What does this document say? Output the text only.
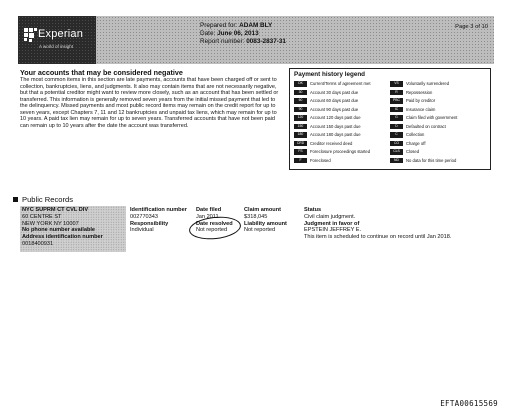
Experian
A world of insight
Prepared for: ADAM BLY
Date: June 06, 2013
Report number: 0083-2837-31
Page 3 of 10
Your accounts that may be considered negative
The most common items in this section are late payments, accounts that have been charged off or sent to collection, bankruptcies, liens, and judgments. It also may contain items that are not necessarily negative, but that a potential creditor might want to review more closely, such as an account that has been settled or transferred. This information is generally removed seven years from the initial missed payment that led to the delinquency. Missed payments and most public record items may remain on the credit report for up to seven years, except Chapters 7, 11 and 12 bankruptcies and unpaid tax liens, which may remain for up to 10 years. A paid tax lien may remain for up to seven years. Transferred accounts that have not been paid can remain up to 10 years after the date the account was transferred.
Payment history legend
OK Current/Terms of agreement met
30 Account 30 days past due
60 Account 60 days past due
90 Account 90 days past due
120 Account 120 days past due
150 Account 150 days past due
180 Account 180 days past due
CRD Creditor received deed
FS Foreclosure proceedings started
F Foreclosed
VS Voluntarily surrendered
R Repossession
PBC Paid by creditor
IC Insurance claim
G Claim filed with government
D Defaulted on contract
C Collection
CO Charge off
CLS Closed
ND No data for this time period
Public Records
NYC SUPRM CT CVL DIV
60 CENTRE ST
NEW YORK NY 10007
No phone number available
Address identification number
0018400931
Identification number
002770343
Responsibility
Individual
Date filed
Jan 2011
Date resolved
Not reported
Claim amount
$318,045
Liability amount
Not reported
Status
Civil claim judgment.
Judgment in favor of
EPSTEIN JEFFREY E.
This item is scheduled to continue on record until Jan 2018.
EFTA00615569
